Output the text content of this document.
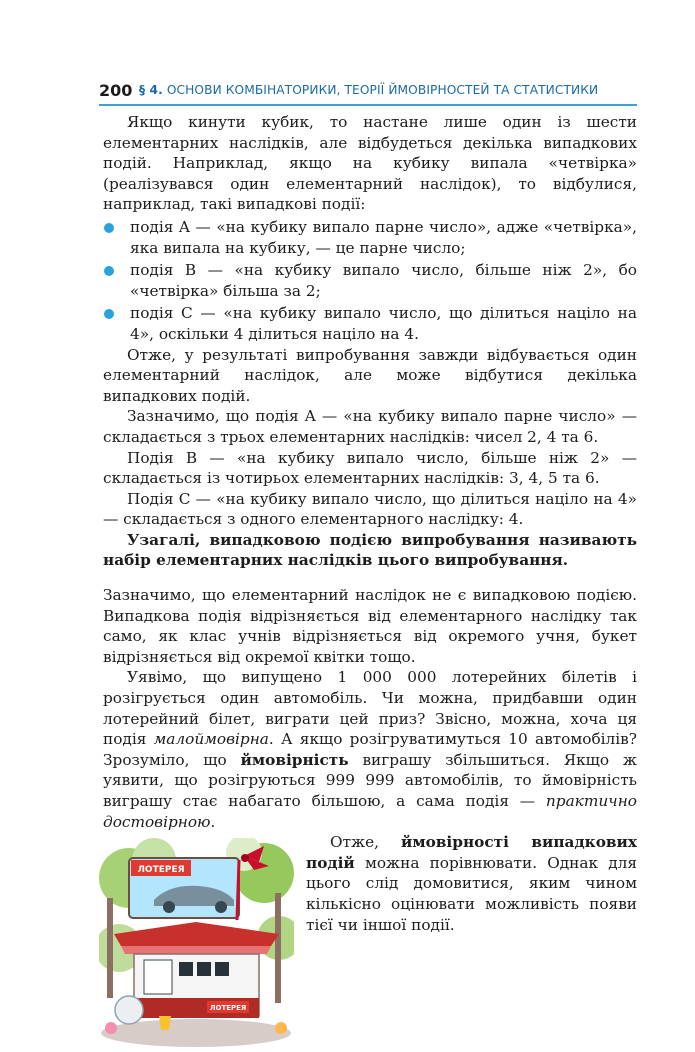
200 § 4. ОСНОВИ КОМБІНАТОРИКИ, ТЕОРІЇ ЙМОВІРНОСТЕЙ ТА СТАТИСТИКИ

Якщо кинути кубик, то настане лише один із шести елементарних наслідків, але відбудеться декілька випадкових подій. Наприклад, якщо на кубику випала «четвірка» (реалізувався один елементарний наслідок), то відбулися, наприклад, такі випадкові події:

подія A — «на кубику випало парне число», адже «четвірка», яка випала на кубику, — це парне число;
подія B — «на кубику випало число, більше ніж 2», бо «четвірка» більша за 2;
подія C — «на кубику випало число, що ділиться націло на 4», оскільки 4 ділиться націло на 4.

Отже, у результаті випробування завжди відбувається один елементарний наслідок, але може відбутися декілька випадкових подій.

Зазначимо, що подія A — «на кубику випало парне число» — складається з трьох елементарних наслідків: чисел 2, 4 та 6.

Подія B — «на кубику випало число, більше ніж 2» — складається із чотирьох елементарних наслідків: 3, 4, 5 та 6.

Подія C — «на кубику випало число, що ділиться націло на 4» — складається з одного елементарного наслідку: 4.

Узагалі, випадковою подією випробування називають набір елементарних наслідків цього випробування.

Зазначимо, що елементарний наслідок не є випадковою подією. Випадкова подія відрізняється від елементарного наслідку так само, як клас учнів відрізняється від окремого учня, букет відрізняється від окремої квітки тощо.

Уявімо, що випущено 1 000 000 лотерейних білетів і розігрується один автомобіль. Чи можна, придбавши один лотерейний білет, виграти цей приз? Звісно, можна, хоча ця подія малоймовірна. А якщо розігруватимуться 10 автомобілів? Зрозуміло, що ймовірність виграшу збільшиться. Якщо ж уявити, що розігруються 999 999 автомобілів, то ймовірність виграшу стає набагато більшою, а сама подія — практично достовірною.

ЛОТЕРЕЯ
ЛОТЕРЕЯ

Отже, ймовірності випадкових подій можна порівнювати. Однак для цього слід домовитися, яким чином кількісно оцінювати можливість появи тієї чи іншої події.
